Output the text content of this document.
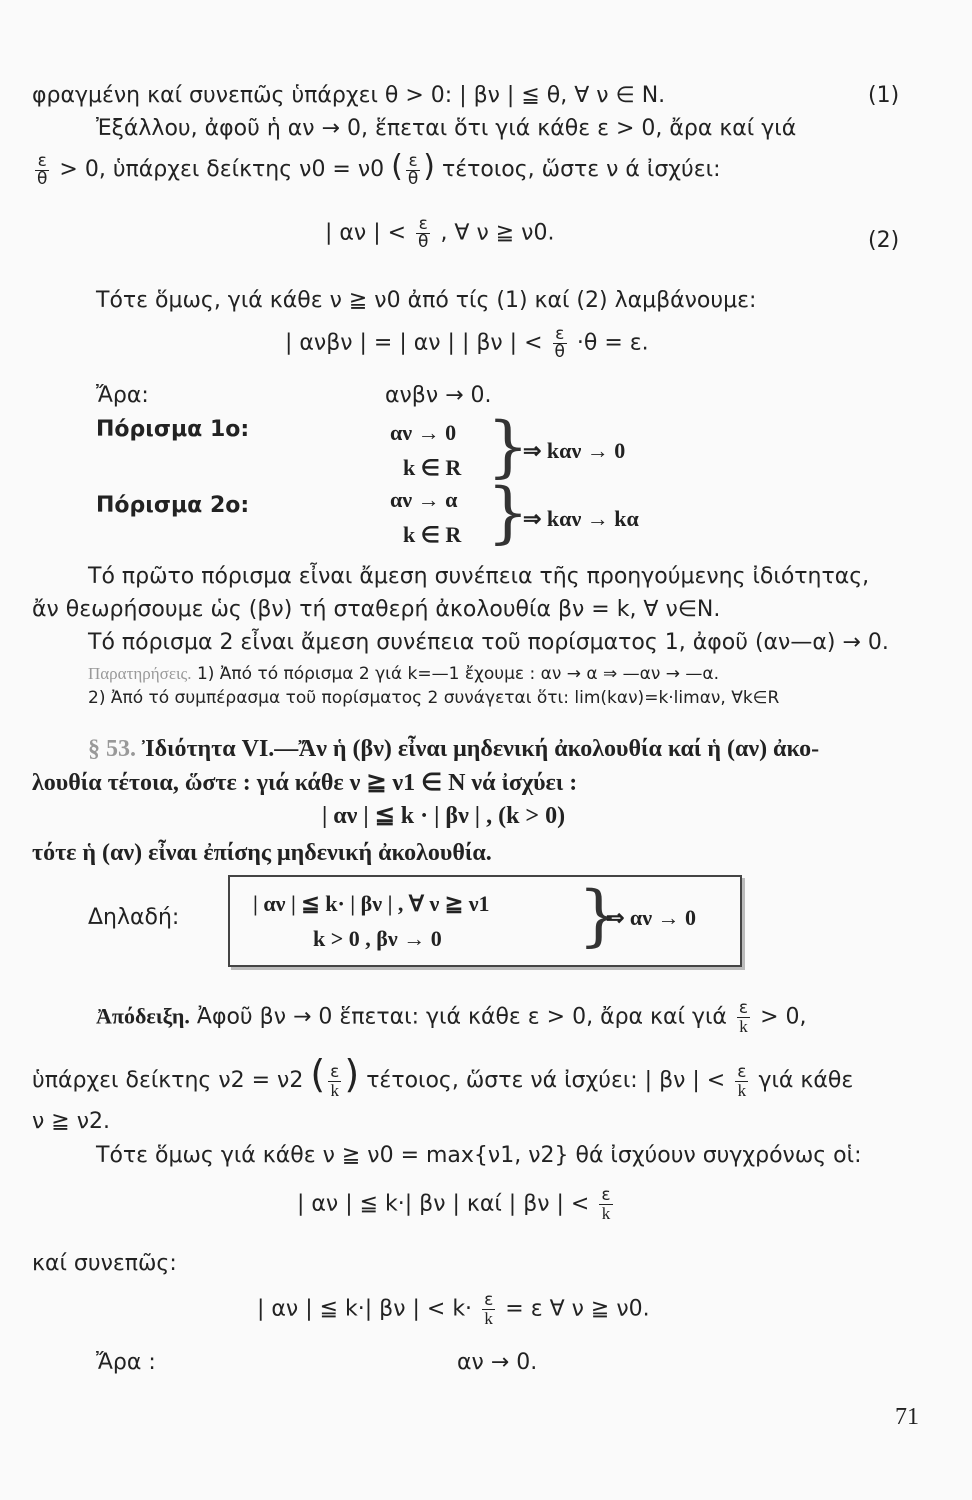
φραγμένη καί συνεπῶς ὑπάρχει θ > 0: | βν | ≦ θ, ∀ ν ∈ N.	(1)
Ἐξάλλου, ἀφοῦ ἡ αν → 0, ἕπεται ὅτι γιά κάθε ε > 0, ἄρα καί γιά
$\frac{\varepsilon}{\theta} > 0$, ὑπάρχει δείκτης ν0 = ν0 ( $\frac{\varepsilon}{\theta}$ ) τέτοιος, ὥστε ν ά ἰσχύει:
| αν | < $\frac{\varepsilon}{\theta}$ , ∀ ν ≧ ν0.	(2)
Τότε ὅμως, γιά κάθε ν ≧ ν0 ἀπό τίς (1) καί (2) λαμβάνουμε:
| ανβν | = | αν | | βν | < $\frac{\varepsilon}{\theta} \cdot\theta = \varepsilon$.
Ἄρα:	ανβν → 0.
Πόρισμα 1ο:	αν → 0
k ∈ R }
⇒ kαν → 0
Πόρισμα 2ο:	αν → α
k ∈ R }
⇒ kαν → kα
Τό πρῶτο πόρισμα εἶναι ἄμεση συνέπεια τῆς προηγούμενης ἰδιότητας,
ἄν θεωρήσουμε ὡς (βν) τή σταθερή ἀκολουθία βν = k, ∀ ν∈N.
Τό πόρισμα 2 εἶναι ἄμεση συνέπεια τοῦ πορίσματος 1, ἀφοῦ (αν—α) → 0.
Παρατηρήσεις. 1) Ἀπό τό πόρισμα 2 γιά k=—1 ἔχουμε : αν → α ⇒ —αν → —α.
2) Ἀπό τό συμπέρασμα τοῦ πορίσματος 2 συνάγεται ὅτι: lim(kαν)=k·limαν, ∀k∈R
§ 53. Ἰδιότητα VI.—Ἄν ἡ (βν) εἶναι μηδενική ἀκολουθία καί ἡ (αν) ἀκο-
λουθία τέτοια, ὥστε : γιά κάθε ν ≧ ν1 ∈ N νά ἰσχύει :
| αν | ≦ k · | βν | , (k > 0)
τότε ἡ (αν) εἶναι ἐπίσης μηδενική ἀκολουθία.
Δηλαδή:
| αν | ≦ k· | βν | , ∀ ν ≧ ν1
k > 0 , βν → 0 }
⇒ αν → 0
Ἀπόδειξη. Ἀφοῦ βν → 0 ἕπεται: γιά κάθε ε > 0, ἄρα καί γιά $\frac{\varepsilon}{k} > 0$,
ὑπάρχει δείκτης ν2 = ν2 ( $\frac{\varepsilon}{k}$ ) τέτοιος, ὥστε νά ἰσχύει: | βν | < $\frac{\varepsilon}{k}$ γιά κάθε
ν ≧ ν2.
Τότε ὅμως γιά κάθε ν ≧ ν0 = max{ν1, ν2} θά ἰσχύουν συγχρόνως οἱ:
| αν | ≦ k·| βν | καί | βν | < $\frac{\varepsilon}{k}$
καί συνεπῶς:
| αν | ≦ k·| βν | < $k\cdot \frac{\varepsilon}{k} = \varepsilon$ ∀ ν ≧ ν0.
Ἄρα :	αν → 0.
71
